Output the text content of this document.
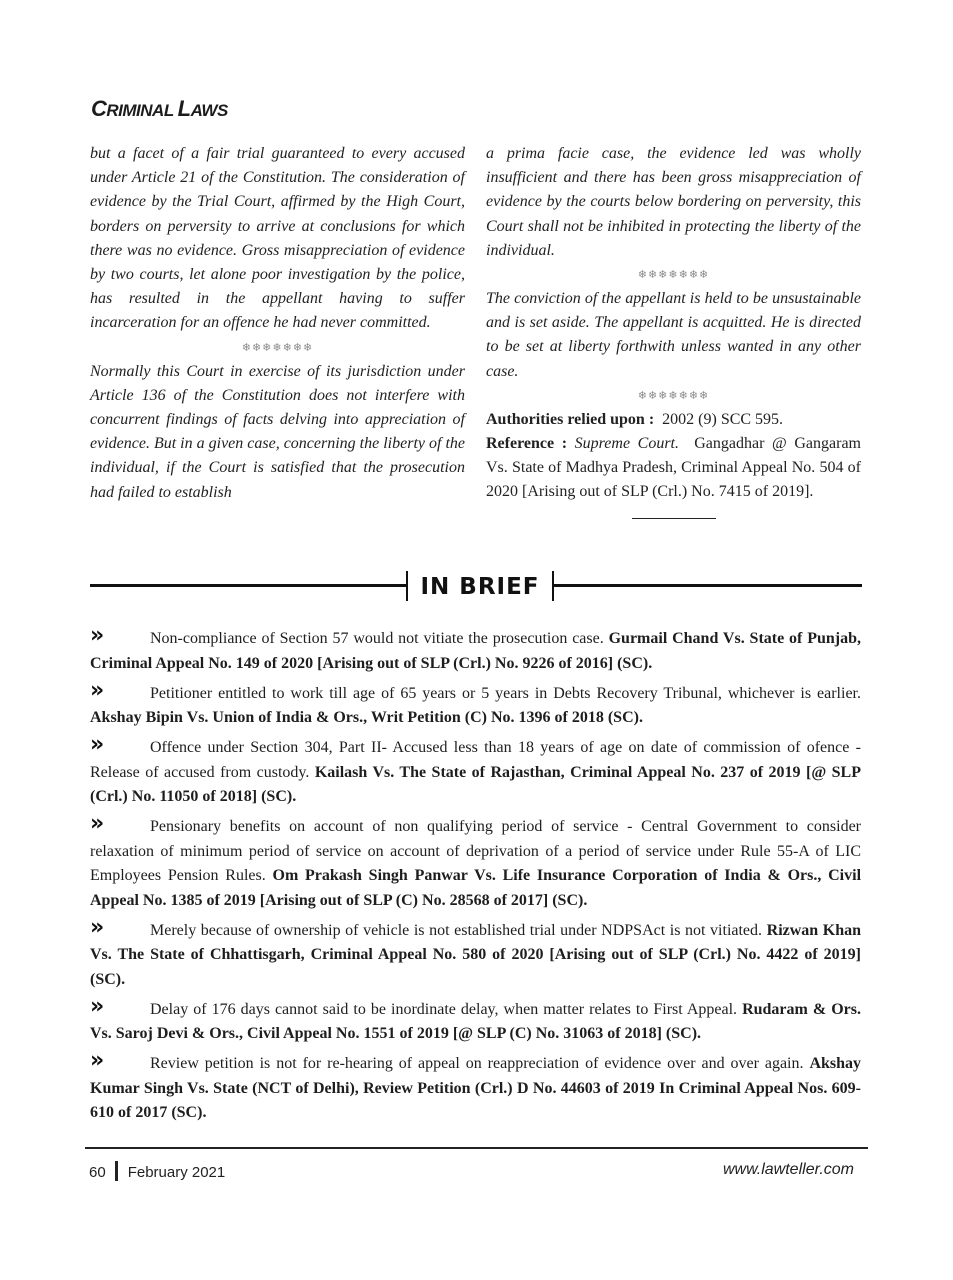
CRIMINAL LAWS

but a facet of a fair trial guaranteed to every accused under Article 21 of the Constitution. The consideration of evidence by the Trial Court, affirmed by the High Court, borders on perversity to arrive at conclusions for which there was no evidence. Gross misappreciation of evidence by two courts, let alone poor investigation by the police, has resulted in the appellant having to suffer incarceration for an offence he had never committed.

❄❄❄❄❄❄❄

Normally this Court in exercise of its jurisdiction under Article 136 of the Constitution does not interfere with concurrent findings of facts delving into appreciation of evidence. But in a given case, concerning the liberty of the individual, if the Court is satisfied that the prosecution had failed to establish

a prima facie case, the evidence led was wholly insufficient and there has been gross misappreciation of evidence by the courts below bordering on perversity, this Court shall not be inhibited in protecting the liberty of the individual.

❄❄❄❄❄❄❄

The conviction of the appellant is held to be unsustainable and is set aside. The appellant is acquitted. He is directed to be set at liberty forthwith unless wanted in any other case.

❄❄❄❄❄❄❄

Authorities relied upon : 2002 (9) SCC 595.

Reference : Supreme Court. Gangadhar @ Gangaram Vs. State of Madhya Pradesh, Criminal Appeal No. 504 of 2020 [Arising out of SLP (Crl.) No. 7415 of 2019].

IN BRIEF

»	Non-compliance of Section 57 would not vitiate the prosecution case. Gurmail Chand Vs. State of Punjab, Criminal Appeal No. 149 of 2020 [Arising out of SLP (Crl.) No. 9226 of 2016] (SC).

»	Petitioner entitled to work till age of 65 years or 5 years in Debts Recovery Tribunal, whichever is earlier. Akshay Bipin Vs. Union of India & Ors., Writ Petition (C) No. 1396 of 2018 (SC).

»	Offence under Section 304, Part II- Accused less than 18 years of age on date of commission of ofence - Release of accused from custody. Kailash Vs. The State of Rajasthan, Criminal Appeal No. 237 of 2019 [@ SLP (Crl.) No. 11050 of 2018] (SC).

»	Pensionary benefits on account of non qualifying period of service - Central Government to consider relaxation of minimum period of service on account of deprivation of a period of service under Rule 55-A of LIC Employees Pension Rules. Om Prakash Singh Panwar Vs. Life Insurance Corporation of India & Ors., Civil Appeal No. 1385 of 2019 [Arising out of SLP (C) No. 28568 of 2017] (SC).

»	Merely because of ownership of vehicle is not established trial under NDPSAct is not vitiated. Rizwan Khan Vs. The State of Chhattisgarh, Criminal Appeal No. 580 of 2020 [Arising out of SLP (Crl.) No. 4422 of 2019] (SC).

»	Delay of 176 days cannot said to be inordinate delay, when matter relates to First Appeal. Rudaram & Ors. Vs. Saroj Devi & Ors., Civil Appeal No. 1551 of 2019 [@ SLP (C) No. 31063 of 2018] (SC).

»	Review petition is not for re-hearing of appeal on reappreciation of evidence over and over again. Akshay Kumar Singh Vs. State (NCT of Delhi), Review Petition (Crl.) D No. 44603 of 2019 In Criminal Appeal Nos. 609-610 of 2017 (SC).

60 February 2021	www.lawteller.com
